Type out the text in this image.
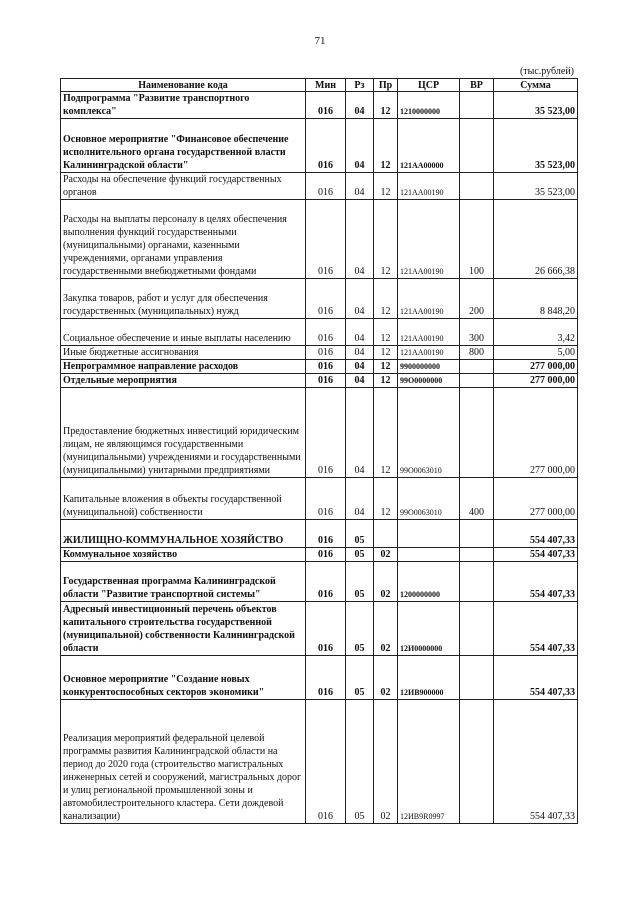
71
(тыс.рублей)
Наименование кода	Мин	Рз	Пр	ЦСР	ВР	Сумма
Подпрограмма "Развитие транспортного комплекса"	016	04	12	1210000000		35 523,00
Основное мероприятие "Финансовое обеспечение исполнительного органа государственной власти Калининградской области"	016	04	12	121АА00000		35 523,00
Расходы на обеспечение функций государственных органов	016	04	12	121АА00190		35 523,00
Расходы на выплаты персоналу в целях обеспечения выполнения функций государственными (муниципальными) органами, казенными учреждениями, органами управления государственными внебюджетными фондами	016	04	12	121АА00190	100	26 666,38
Закупка товаров, работ и услуг для обеспечения государственных (муниципальных) нужд	016	04	12	121АА00190	200	8 848,20
Социальное обеспечение и иные выплаты населению	016	04	12	121АА00190	300	3,42
Иные бюджетные ассигнования	016	04	12	121АА00190	800	5,00
Непрограммное направление расходов	016	04	12	9900000000		277 000,00
Отдельные мероприятия	016	04	12	99О0000000		277 000,00
Предоставление бюджетных инвестиций юридическим лицам, не являющимся государственными (муниципальными) учреждениями и государственными (муниципальными) унитарными предприятиями	016	04	12	99О0063010		277 000,00
Капитальные вложения в объекты государственной (муниципальной) собственности	016	04	12	99О0063010	400	277 000,00
ЖИЛИЩНО-КОММУНАЛЬНОЕ ХОЗЯЙСТВО	016	05				554 407,33
Коммунальное хозяйство	016	05	02			554 407,33
Государственная программа Калининградской области "Развитие транспортной системы"	016	05	02	1200000000		554 407,33
Адресный инвестиционный перечень объектов капитального строительства государственной (муниципальной) собственности Калининградской области	016	05	02	12И0000000		554 407,33
Основное мероприятие "Создание новых конкурентоспособных секторов экономики"	016	05	02	12ИВ900000		554 407,33
Реализация мероприятий федеральной целевой программы развития Калининградской области на период до 2020 года (строительство магистральных инженерных сетей и сооружений, магистральных дорог и улиц региональной промышленной зоны и автомобилестроительного кластера. Сети дождевой канализации)	016	05	02	12ИВ9R0997		554 407,33
